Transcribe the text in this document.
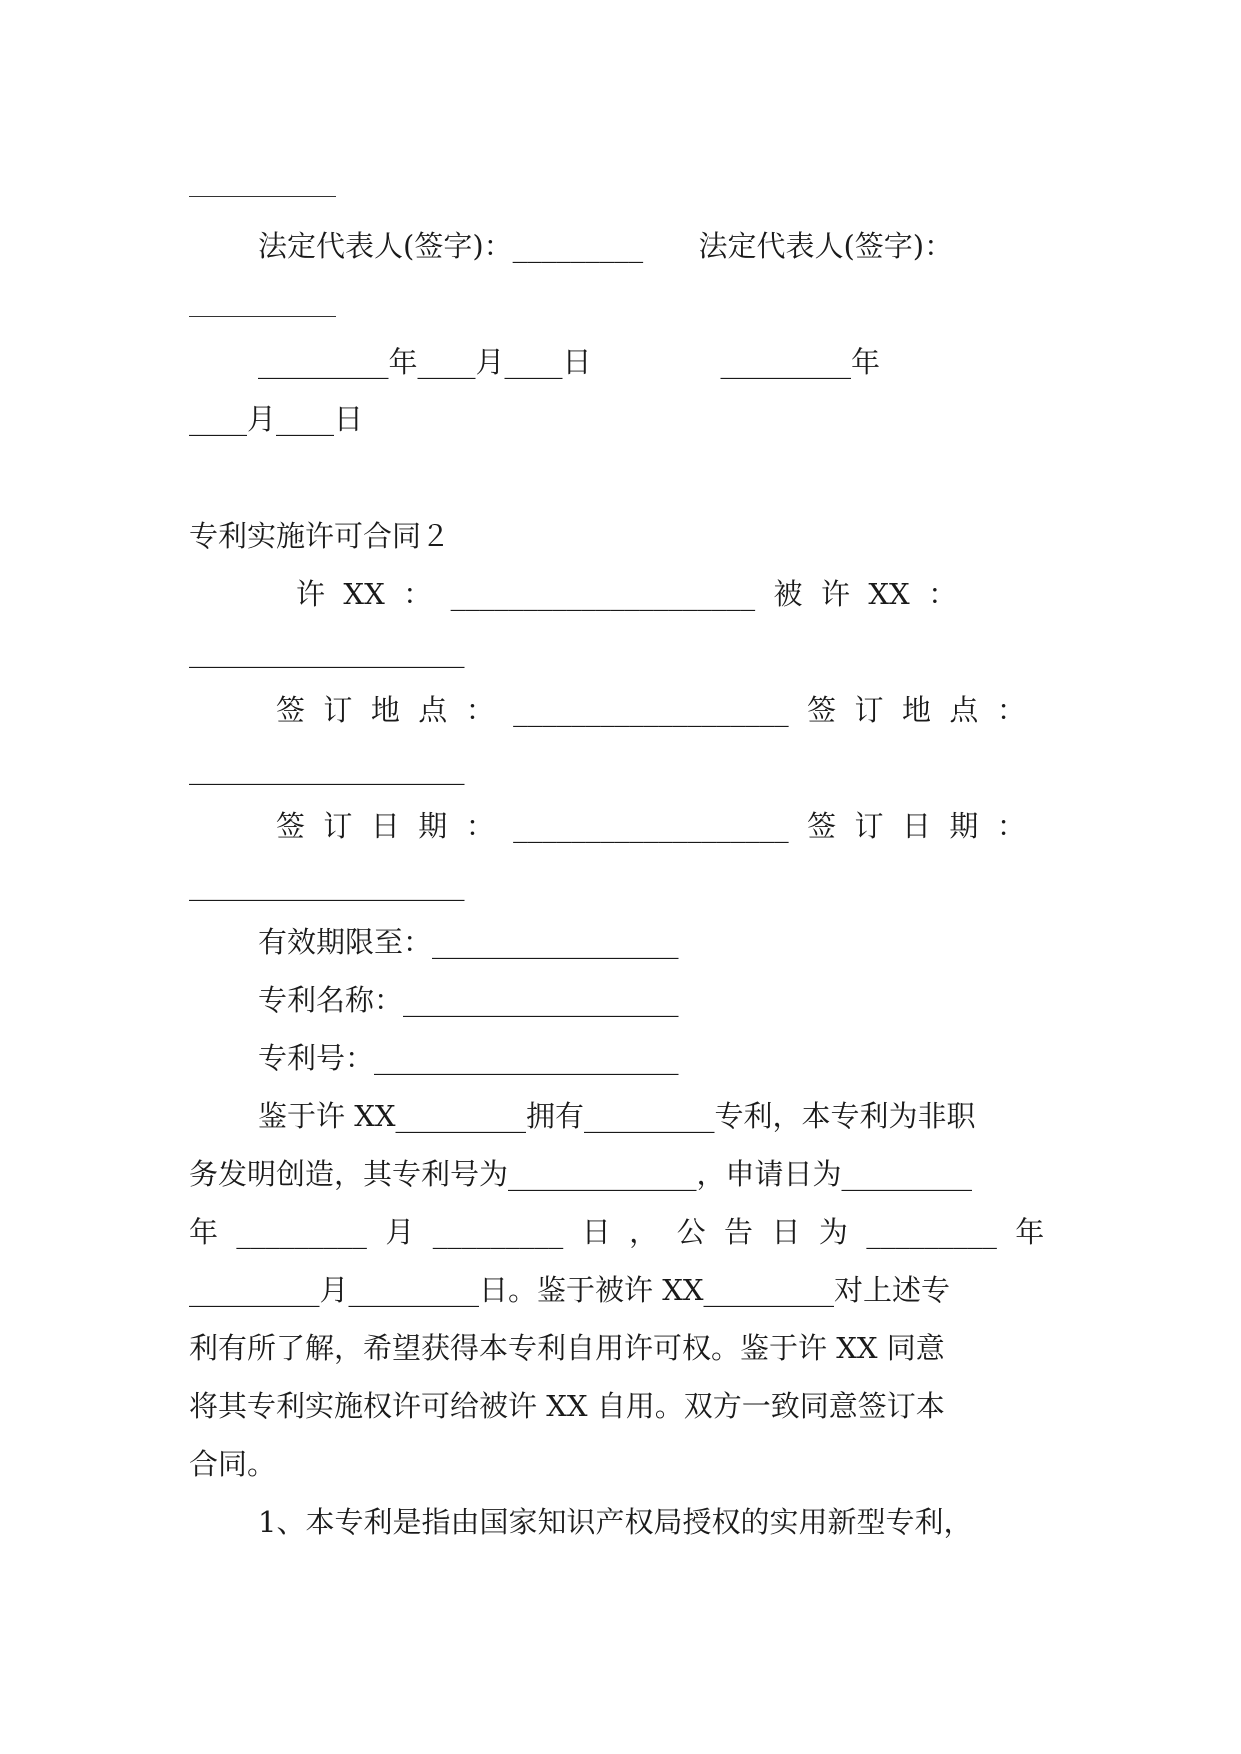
法定代表人(签字)：_________      法定代表人(签字)：
_________年____月____日              _________年
____月____日
专利实施许可合同２
许  XX  ：  _____________________  被  许  XX  ：
___________________
签  订  地  点  ：  ___________________  签  订  地  点  ：
___________________
签  订  日  期  ：  ___________________  签  订  日  期  ：
___________________
有效期限至：_________________
专利名称：___________________
专利号：_____________________
鉴于许 XX_________拥有_________专利，本专利为非职
务发明创造，其专利号为_____________，申请日为_________
年  _________  月  _________  日  ，  公  告  日  为  _________  年
_________月_________日。鉴于被许 XX_________对上述专
利有所了解，希望获得本专利自用许可权。鉴于许 XX 同意
将其专利实施权许可给被许 XX 自用。双方一致同意签订本
合同。
1、本专利是指由国家知识产权局授权的实用新型专利，
